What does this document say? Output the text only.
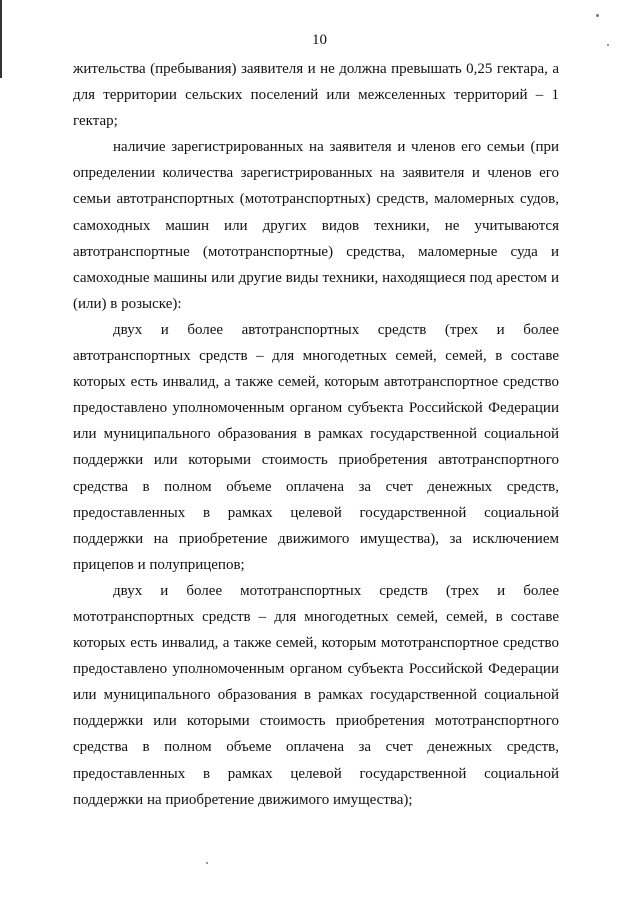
10

жительства (пребывания) заявителя и не должна превышать 0,25 гектара, а для территории сельских поселений или межселенных территорий – 1 гектар;

наличие зарегистрированных на заявителя и членов его семьи (при определении количества зарегистрированных на заявителя и членов его семьи автотранспортных (мототранспортных) средств, маломерных судов, самоходных машин или других видов техники, не учитываются автотранспортные (мототранспортные) средства, маломерные суда и самоходные машины или другие виды техники, находящиеся под арестом и (или) в розыске):

двух и более автотранспортных средств (трех и более автотранспортных средств – для многодетных семей, семей, в составе которых есть инвалид, а также семей, которым автотранспортное средство предоставлено уполномоченным органом субъекта Российской Федерации или муниципального образования в рамках государственной социальной поддержки или которыми стоимость приобретения автотранспортного средства в полном объеме оплачена за счет денежных средств, предоставленных в рамках целевой государственной социальной поддержки на приобретение движимого имущества), за исключением прицепов и полуприцепов;

двух и более мототранспортных средств (трех и более мототранспортных средств – для многодетных семей, семей, в составе которых есть инвалид, а также семей, которым мототранспортное средство предоставлено уполномоченным органом субъекта Российской Федерации или муниципального образования в рамках государственной социальной поддержки или которыми стоимость приобретения мототранспортного средства в полном объеме оплачена за счет денежных средств, предоставленных в рамках целевой государственной социальной поддержки на приобретение движимого имущества);
